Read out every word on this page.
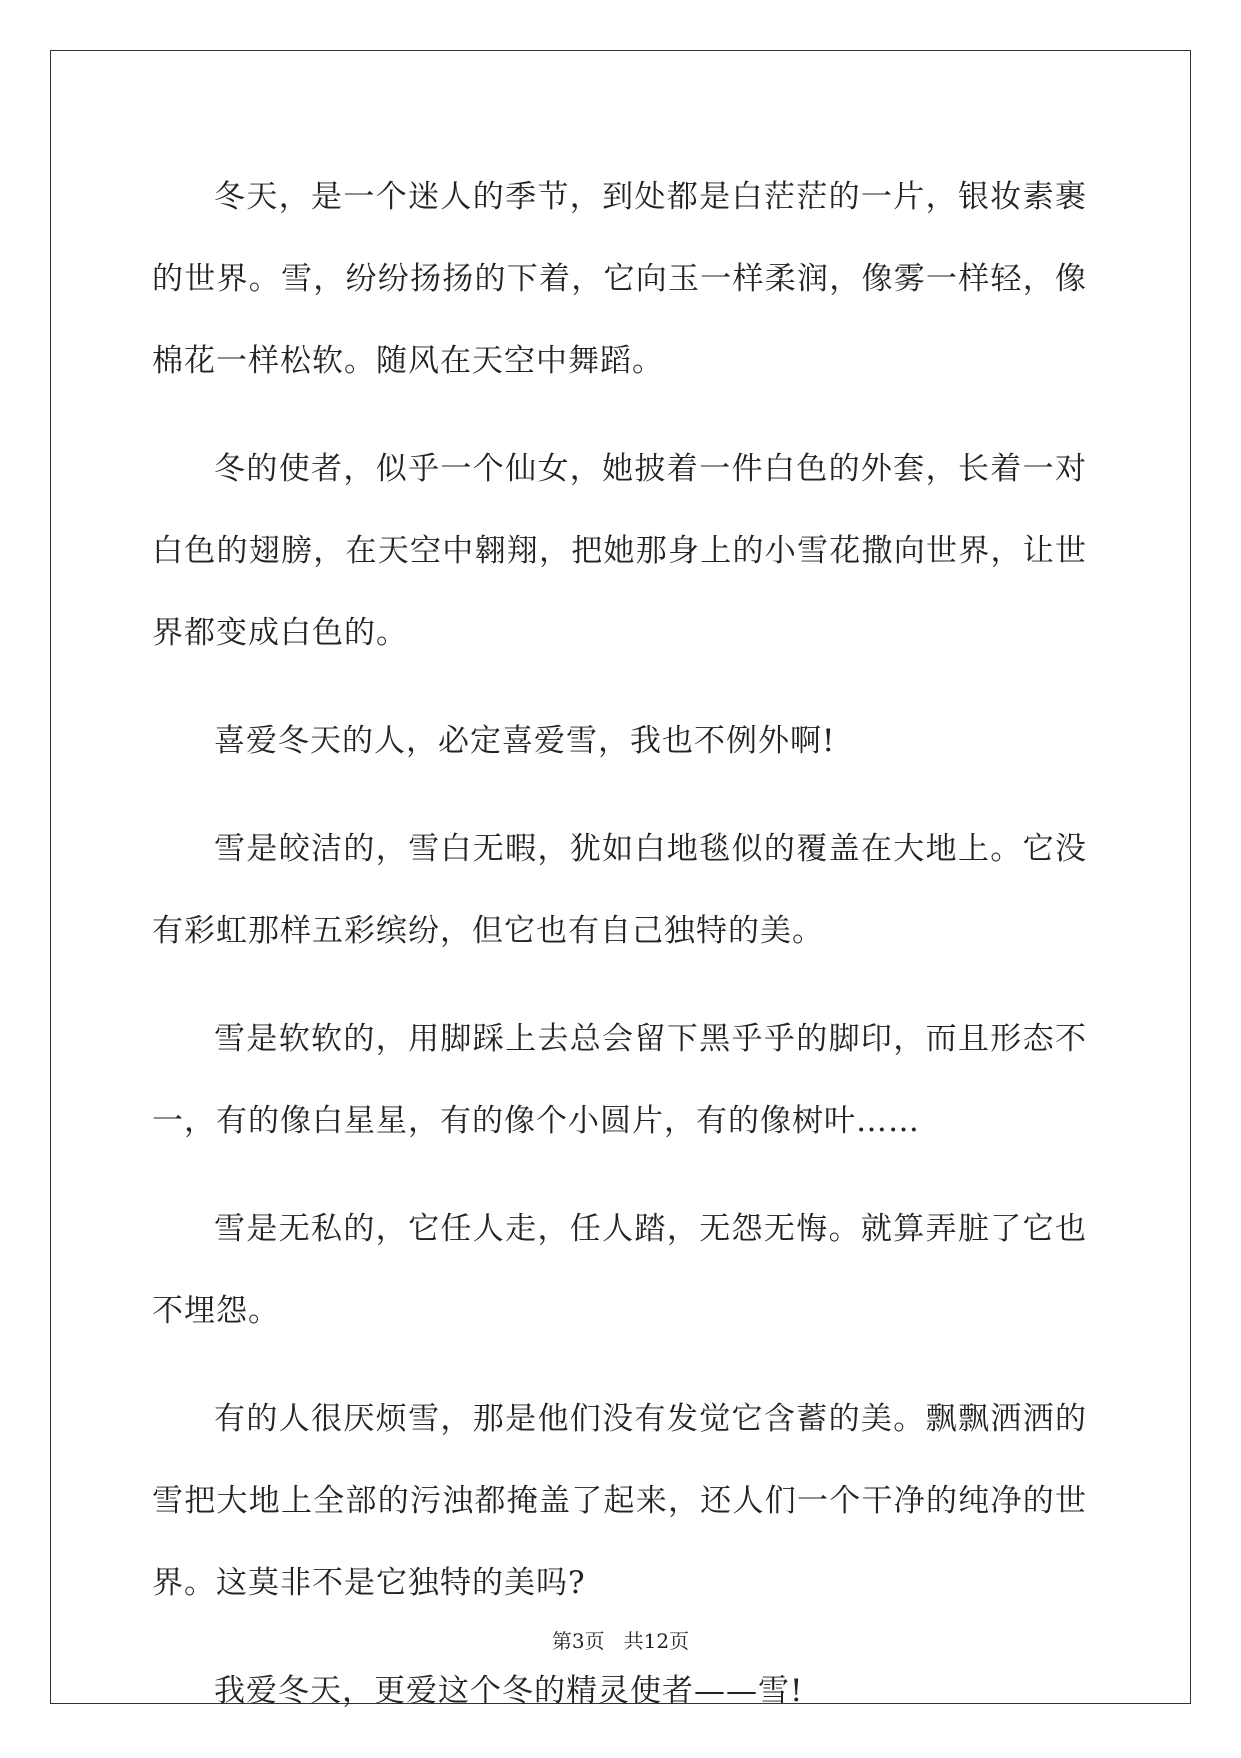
冬天，是一个迷人的季节，到处都是白茫茫的一片，银妆素裹的世界。雪，纷纷扬扬的下着，它向玉一样柔润，像雾一样轻，像棉花一样松软。随风在天空中舞蹈。

冬的使者，似乎一个仙女，她披着一件白色的外套，长着一对白色的翅膀，在天空中翱翔，把她那身上的小雪花撒向世界，让世界都变成白色的。

喜爱冬天的人，必定喜爱雪，我也不例外啊!

雪是皎洁的，雪白无暇，犹如白地毯似的覆盖在大地上。它没有彩虹那样五彩缤纷，但它也有自己独特的美。

雪是软软的，用脚踩上去总会留下黑乎乎的脚印，而且形态不一，有的像白星星，有的像个小圆片，有的像树叶……

雪是无私的，它任人走，任人踏，无怨无悔。就算弄脏了它也不埋怨。

有的人很厌烦雪，那是他们没有发觉它含蓄的美。飘飘洒洒的雪把大地上全部的污浊都掩盖了起来，还人们一个干净的纯净的世界。这莫非不是它独特的美吗?

我爱冬天，更爱这个冬的精灵使者——雪!

第3页 共12页
